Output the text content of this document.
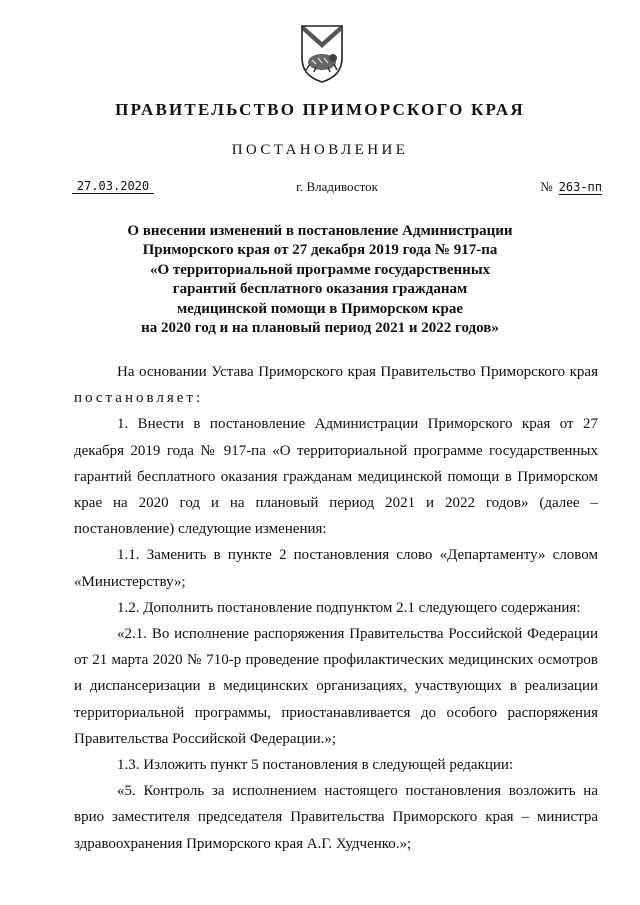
ПРАВИТЕЛЬСТВО ПРИМОРСКОГО КРАЯ
ПОСТАНОВЛЕНИЕ
г. Владивосток
27.03.2020	№ 263-пп
О внесении изменений в постановление Администрации
Приморского края от 27 декабря 2019 года № 917-па
«О территориальной программе государственных
гарантий бесплатного оказания гражданам
медицинской помощи в Приморском крае
на 2020 год и на плановый период 2021 и 2022 годов»

На основании Устава Приморского края Правительство Приморского края постановляет:

1. Внести в постановление Администрации Приморского края от 27 декабря 2019 года № 917-па «О территориальной программе государственных гарантий бесплатного оказания гражданам медицинской помощи в Приморском крае на 2020 год и на плановый период 2021 и 2022 годов» (далее – постановление) следующие изменения:

1.1. Заменить в пункте 2 постановления слово «Департаменту» словом «Министерству»;

1.2. Дополнить постановление подпунктом 2.1 следующего содержания:

«2.1. Во исполнение распоряжения Правительства Российской Федерации от 21 марта 2020 № 710-р проведение профилактических медицинских осмотров и диспансеризации в медицинских организациях, участвующих в реализации территориальной программы, приостанавливается до особого распоряжения Правительства Российской Федерации.»;

1.3. Изложить пункт 5 постановления в следующей редакции:

«5. Контроль за исполнением настоящего постановления возложить на врио заместителя председателя Правительства Приморского края – министра здравоохранения Приморского края А.Г. Худченко.»;
